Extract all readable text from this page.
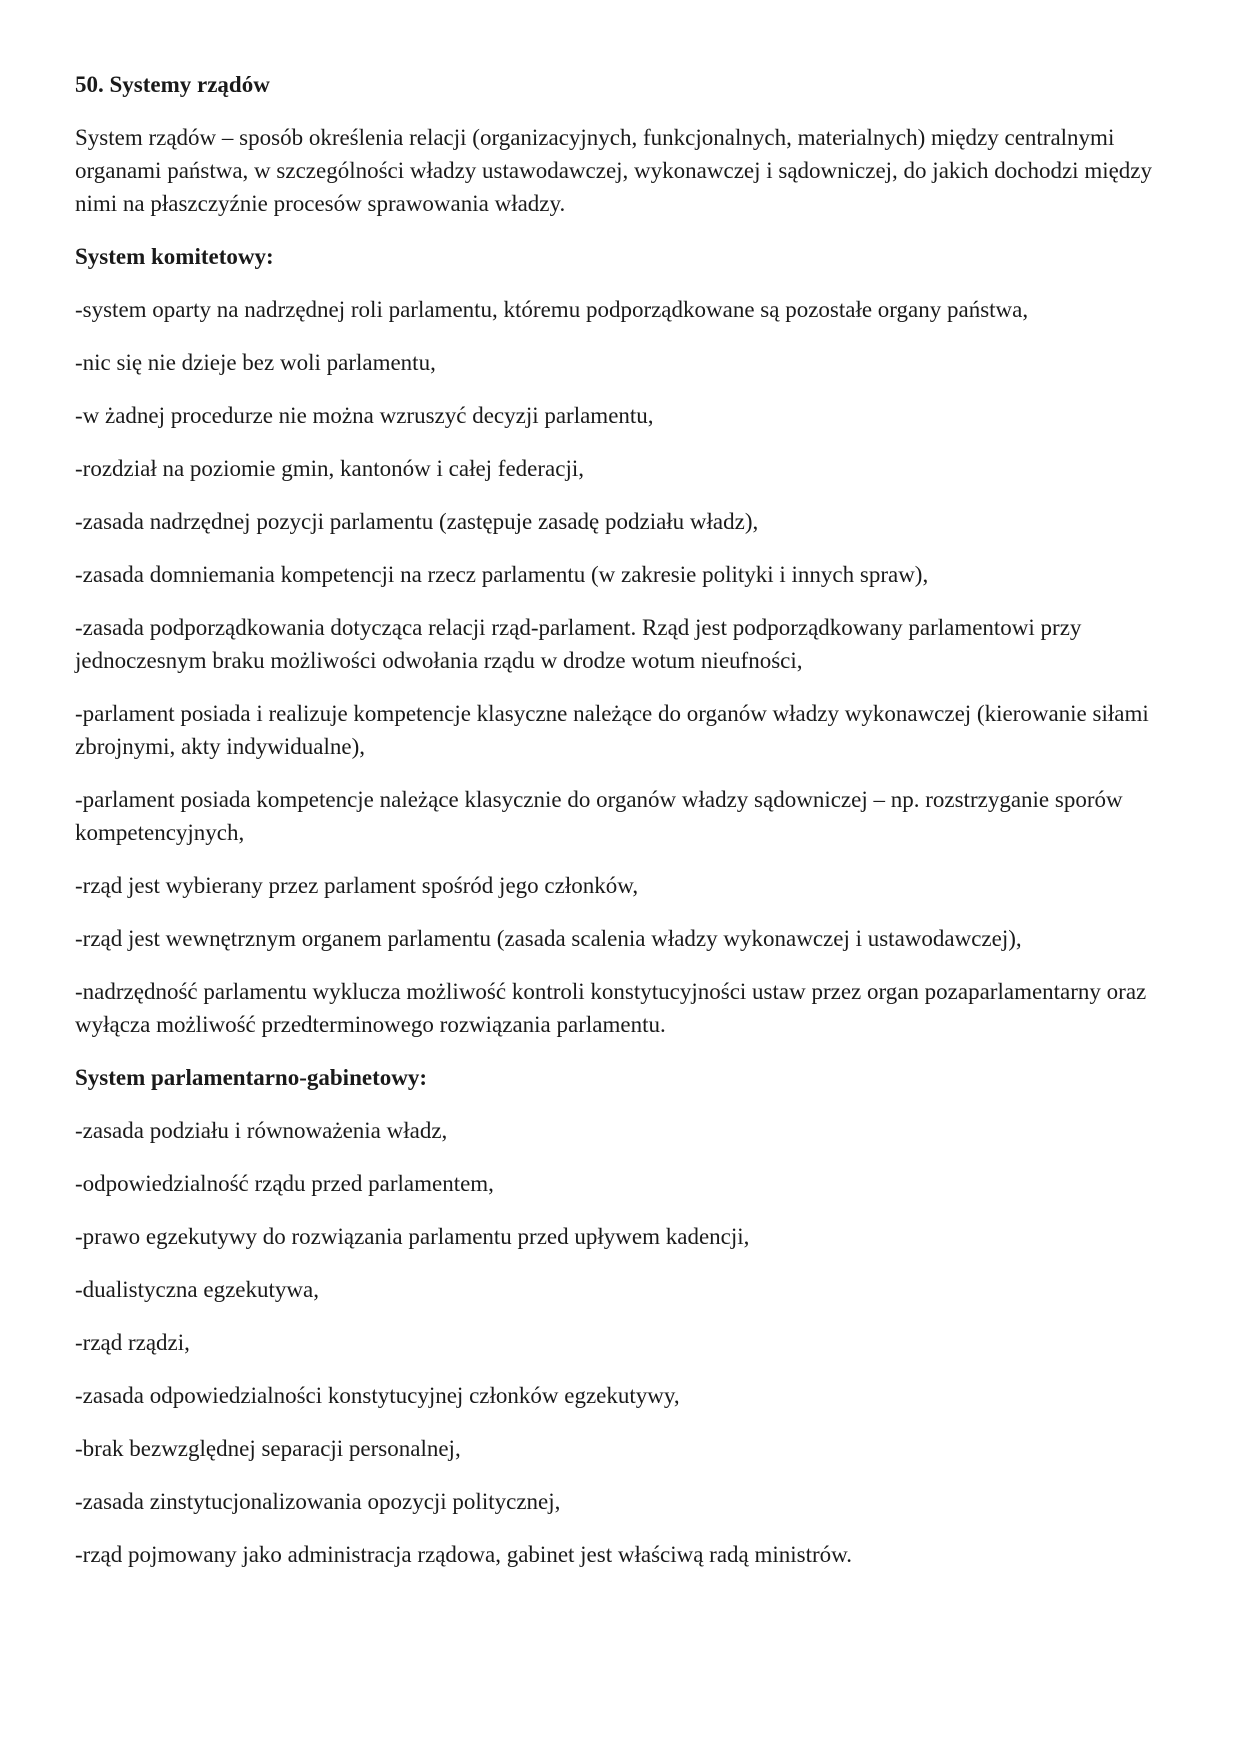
50. Systemy rządów

System rządów – sposób określenia relacji (organizacyjnych, funkcjonalnych, materialnych) między centralnymi organami państwa, w szczególności władzy ustawodawczej, wykonawczej i sądowniczej, do jakich dochodzi między nimi na płaszczyźnie procesów sprawowania władzy.

System komitetowy:

-system oparty na nadrzędnej roli parlamentu, któremu podporządkowane są pozostałe organy państwa,

-nic się nie dzieje bez woli parlamentu,

-w żadnej procedurze nie można wzruszyć decyzji parlamentu,

-rozdział na poziomie gmin, kantonów i całej federacji,

-zasada nadrzędnej pozycji parlamentu (zastępuje zasadę podziału władz),

-zasada domniemania kompetencji na rzecz parlamentu (w zakresie polityki i innych spraw),

-zasada podporządkowania dotycząca relacji rząd-parlament. Rząd jest podporządkowany parlamentowi przy jednoczesnym braku możliwości odwołania rządu w drodze wotum nieufności,

-parlament posiada i realizuje kompetencje klasyczne należące do organów władzy wykonawczej (kierowanie siłami zbrojnymi, akty indywidualne),

-parlament posiada kompetencje należące klasycznie do organów władzy sądowniczej – np. rozstrzyganie sporów kompetencyjnych,

-rząd jest wybierany przez parlament spośród jego członków,

-rząd jest wewnętrznym organem parlamentu (zasada scalenia władzy wykonawczej i ustawodawczej),

-nadrzędność parlamentu wyklucza możliwość kontroli konstytucyjności ustaw przez organ pozaparlamentarny oraz wyłącza możliwość przedterminowego rozwiązania parlamentu.

System parlamentarno-gabinetowy:

-zasada podziału i równoważenia władz,

-odpowiedzialność rządu przed parlamentem,

-prawo egzekutywy do rozwiązania parlamentu przed upływem kadencji,

-dualistyczna egzekutywa,

-rząd rządzi,

-zasada odpowiedzialności konstytucyjnej członków egzekutywy,

-brak bezwzględnej separacji personalnej,

-zasada zinstytucjonalizowania opozycji politycznej,

-rząd pojmowany jako administracja rządowa, gabinet jest właściwą radą ministrów.
